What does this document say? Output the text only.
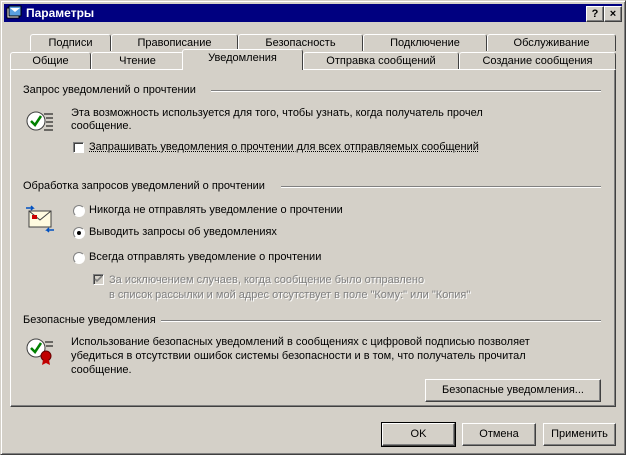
Параметры	?	×
Подписи	Правописание	Безопасность	Подключение	Обслуживание
Общие	Чтение	Уведомления	Отправка сообщений	Создание сообщения
Запрос уведомлений о прочтении
Эта возможность используется для того, чтобы узнать, когда получатель прочел
сообщение.
Запрашивать уведомления о прочтении для всех отправляемых сообщений
Обработка запросов уведомлений о прочтении
Никогда не отправлять уведомление о прочтении
Выводить запросы об уведомлениях
Всегда отправлять уведомление о прочтении
За исключением случаев, когда сообщение было отправлено
в список рассылки и мой адрес отсутствует в поле "Кому:" или "Копия"
Безопасные уведомления
Использование безопасных уведомлений в сообщениях с цифровой подписью позволяет
убедиться в отсутствии ошибок системы безопасности и в том, что получатель прочитал
сообщение.
Безопасные уведомления...
OK	Отмена	Применить
